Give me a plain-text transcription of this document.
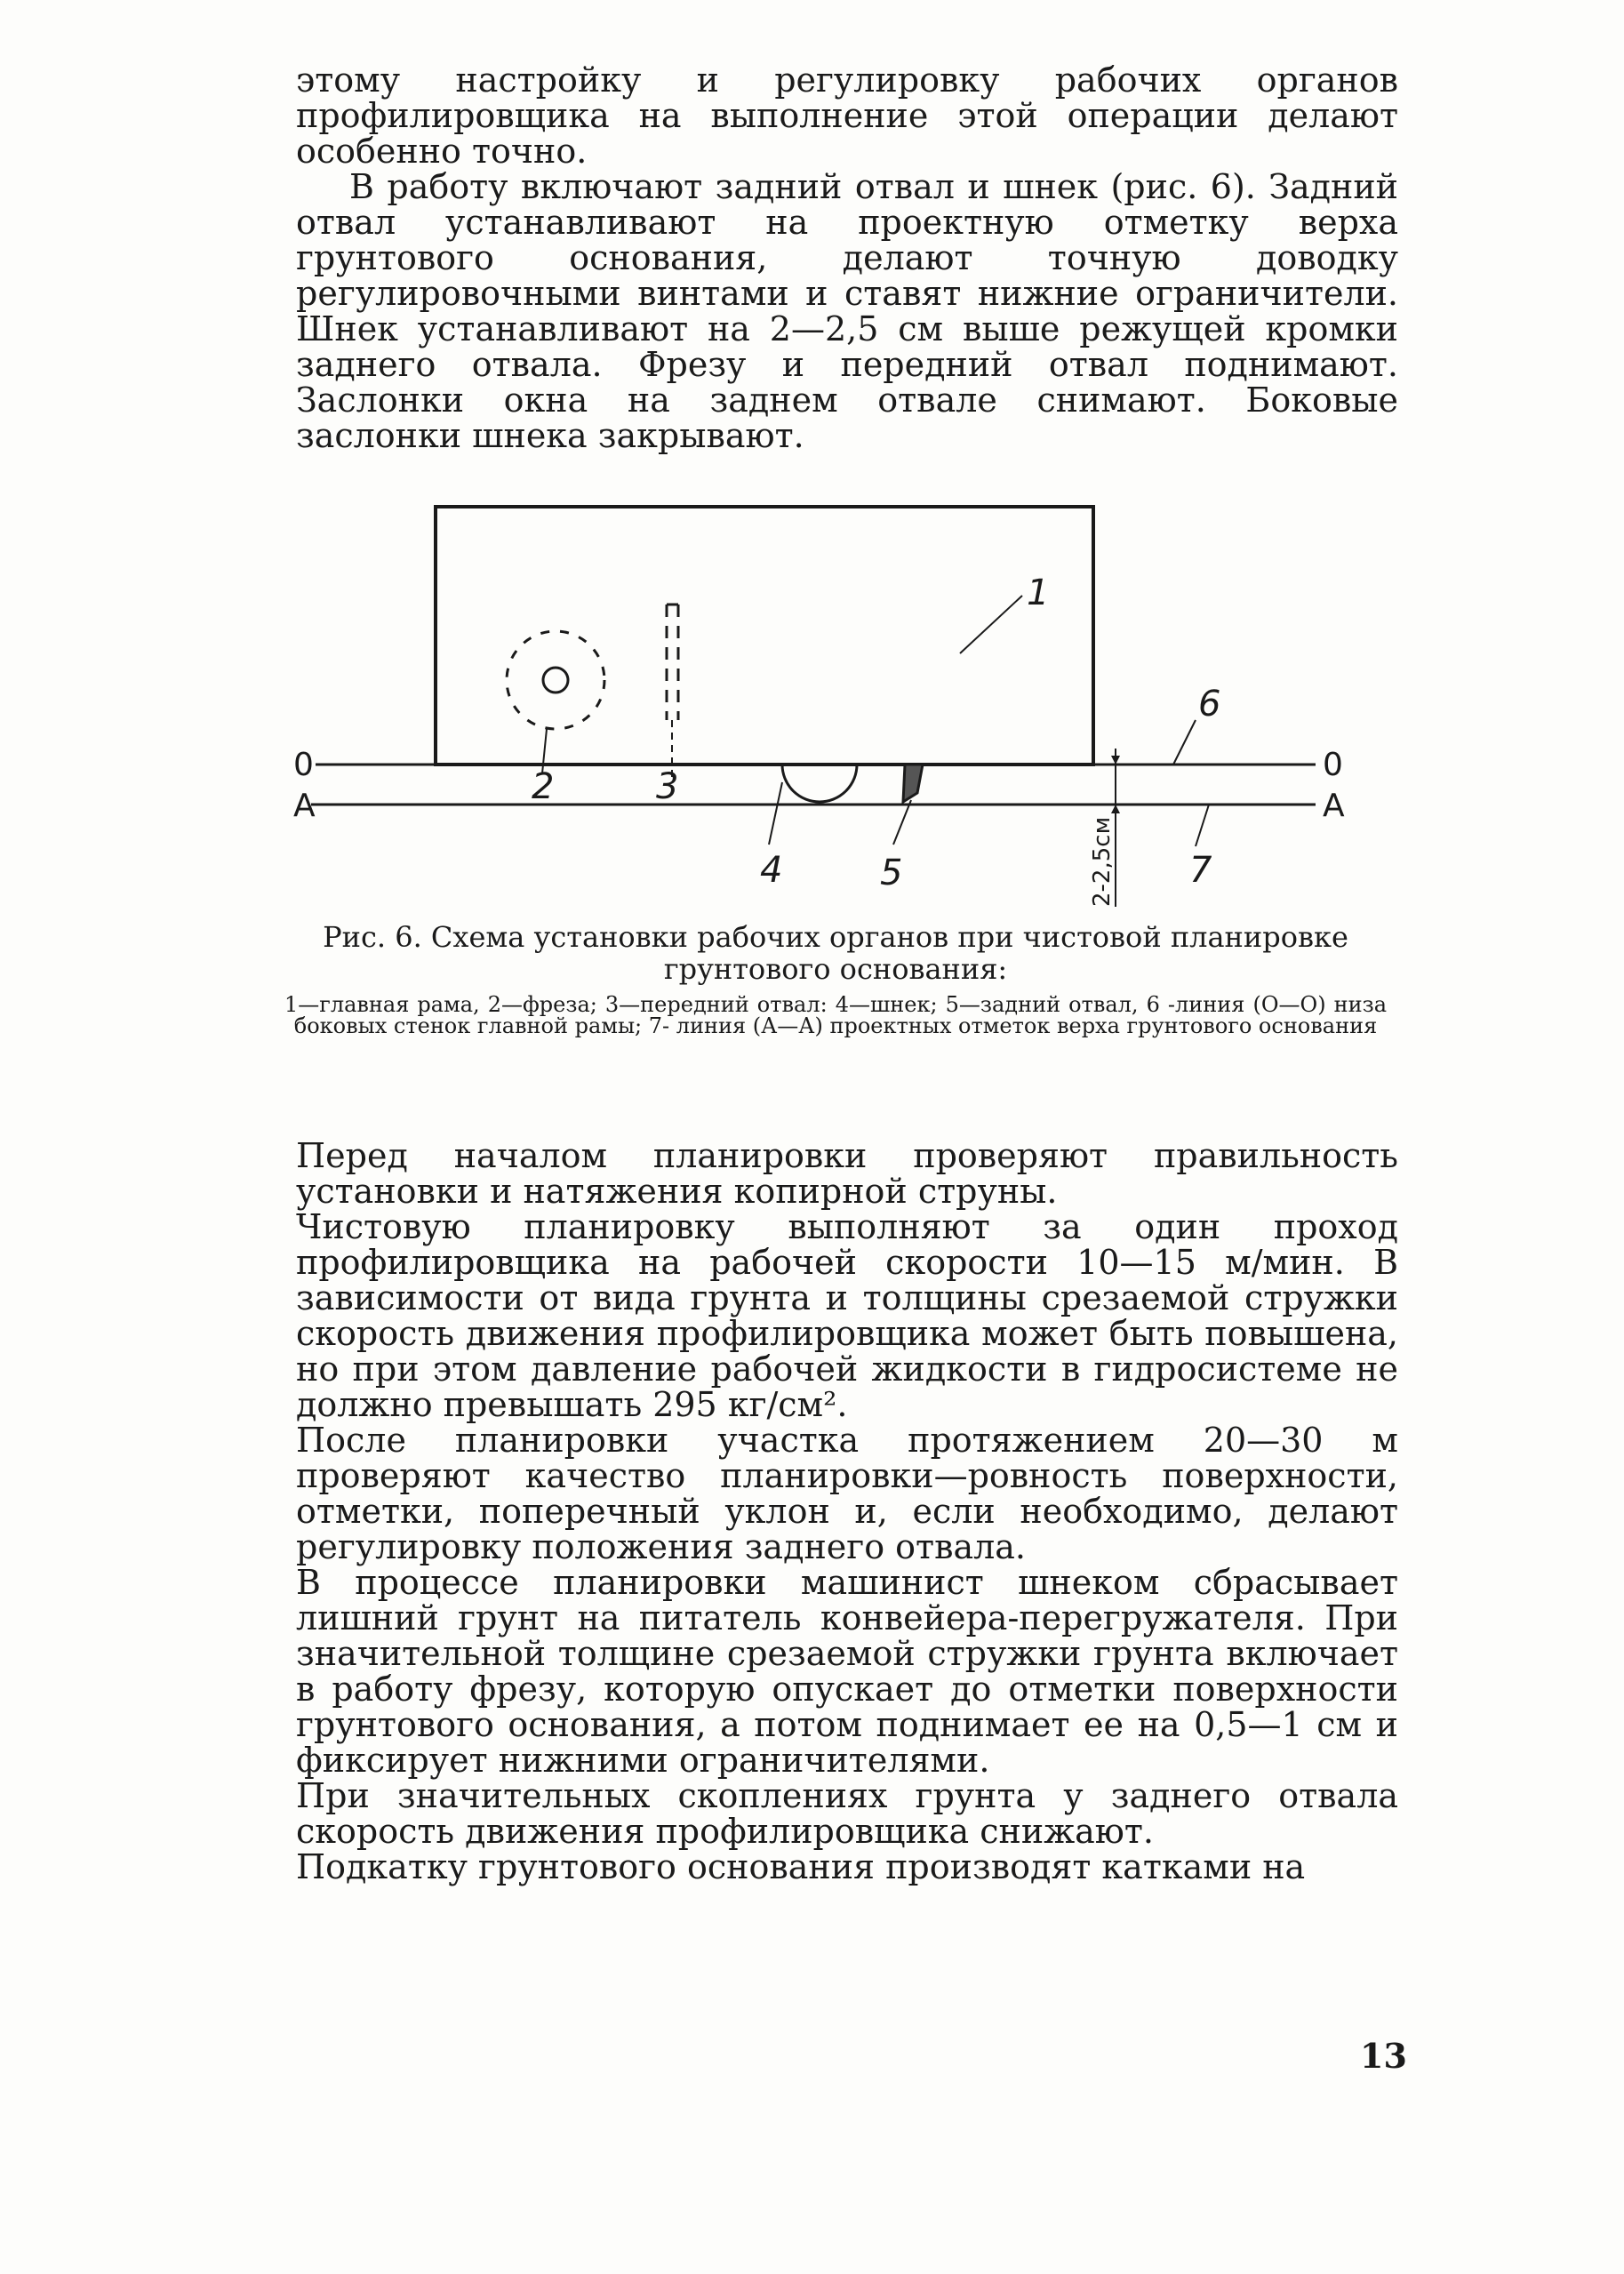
этому настройку и регулировку рабочих органов профилировщика на выполнение этой операции делают особенно точно.

В работу включают задний отвал и шнек (рис. 6). Задний отвал устанавливают на проектную отметку верха грунтового основания, делают точную доводку регулировочными винтами и ставят нижние ограничители. Шнек устанавливают на 2—2,5 см выше режущей кромки заднего отвала. Фрезу и передний отвал поднимают. Заслонки окна на заднем отвале снимают. Боковые заслонки шнека закрывают.

1
2	3
4	5
6
7
0	0
A	A
2-2,5см
Рис. 6. Схема установки рабочих органов при чистовой планировке
грунтового основания:
1—главная рама, 2—фреза; 3—передний отвал: 4—шнек; 5—задний отвал, 6 -линия (О—О) низа боковых стенок главной рамы; 7- линия (А—А) проектных отметок верха грунтового основания

Перед началом планировки проверяют правильность установки и натяжения копирной струны.

Чистовую планировку выполняют за один проход профилировщика на рабочей скорости 10—15 м/мин. В зависимости от вида грунта и толщины срезаемой стружки скорость движения профилировщика может быть повышена, но при этом давление рабочей жидкости в гидросистеме не должно превышать 295 кг/см².

После планировки участка протяжением 20—30 м проверяют качество планировки—ровность поверхности, отметки, поперечный уклон и, если необходимо, делают регулировку положения заднего отвала.

В процессе планировки машинист шнеком сбрасывает лишний грунт на питатель конвейера-перегружателя. При значительной толщине срезаемой стружки грунта включает в работу фрезу, которую опускает до отметки поверхности грунтового основания, а потом поднимает ее на 0,5—1 см и фиксирует нижними ограничителями.

При значительных скоплениях грунта у заднего отвала скорость движения профилировщика снижают.

Подкатку грунтового основания производят катками на

13
